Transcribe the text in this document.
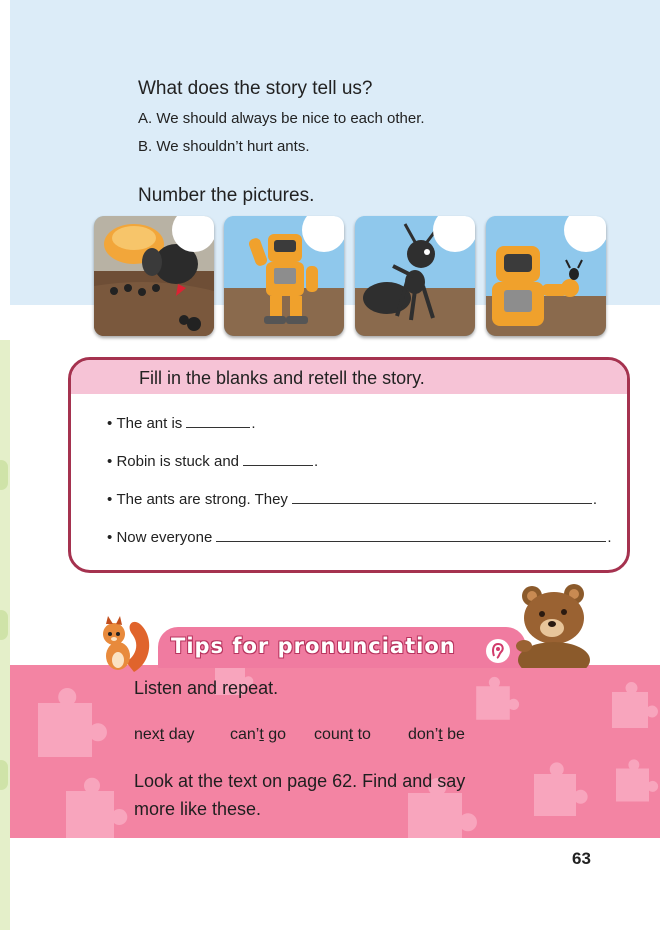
What does the story tell us?
A. We should always be nice to each other.
B. We shouldn’t hurt ants.
Number the pictures.
Fill in the blanks and retell the story.
•
The ant is	.
•
Robin is stuck and	.
•
The ants are strong. They	.
•
Now everyone	.
Tips for pronunciation
Listen and repeat.
next day can’t go count to don’t be
Look at the text on page 62. Find and say
more like these.
63
